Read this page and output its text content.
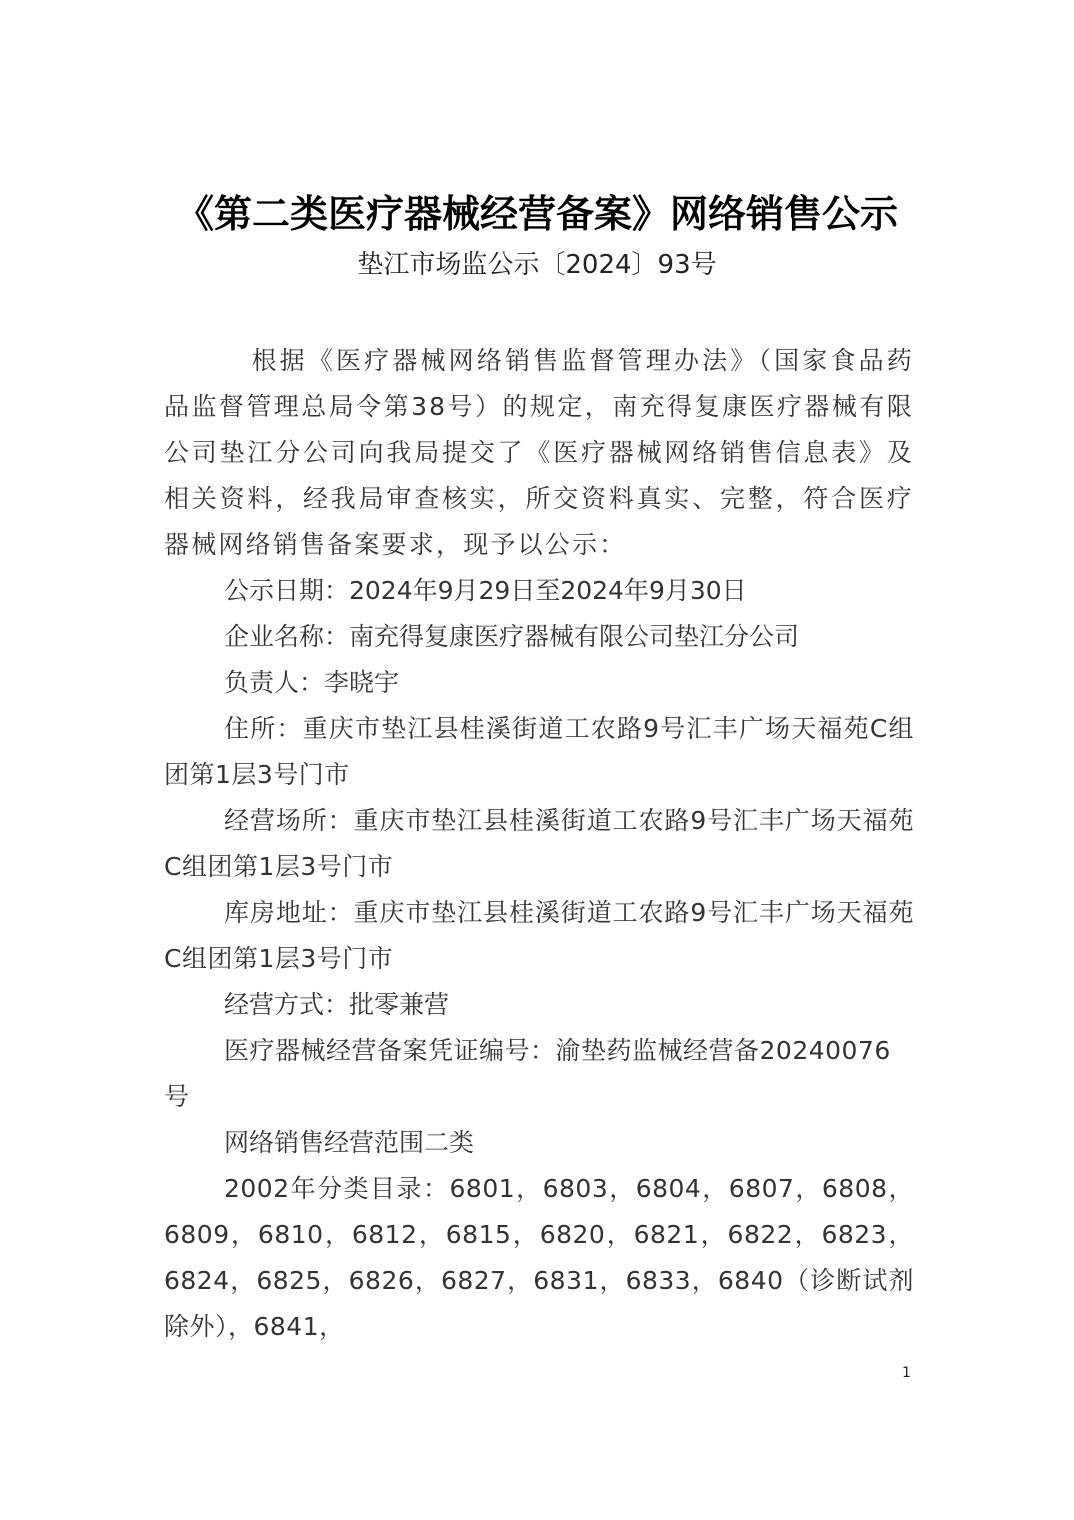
《第二类医疗器械经营备案》网络销售公示
垫江市场监公示〔2024〕93号

根据《医疗器械网络销售监督管理办法》（国家食品药品监督管理总局令第38号）的规定，南充得复康医疗器械有限公司垫江分公司向我局提交了《医疗器械网络销售信息表》及相关资料，经我局审查核实，所交资料真实、完整，符合医疗器械网络销售备案要求，现予以公示：

公示日期：2024年9月29日至2024年9月30日

企业名称：南充得复康医疗器械有限公司垫江分公司

负责人：李晓宇

住所：重庆市垫江县桂溪街道工农路9号汇丰广场天福苑C组团第1层3号门市

经营场所：重庆市垫江县桂溪街道工农路9号汇丰广场天福苑C组团第1层3号门市

库房地址：重庆市垫江县桂溪街道工农路9号汇丰广场天福苑C组团第1层3号门市

经营方式：批零兼营

医疗器械经营备案凭证编号：渝垫药监械经营备20240076号

网络销售经营范围二类

2002年分类目录：6801，6803，6804，6807，6808，6809，6810，6812，6815，6820，6821，6822，6823，6824，6825，6826，6827，6831，6833，6840（诊断试剂除外），6841，

1
